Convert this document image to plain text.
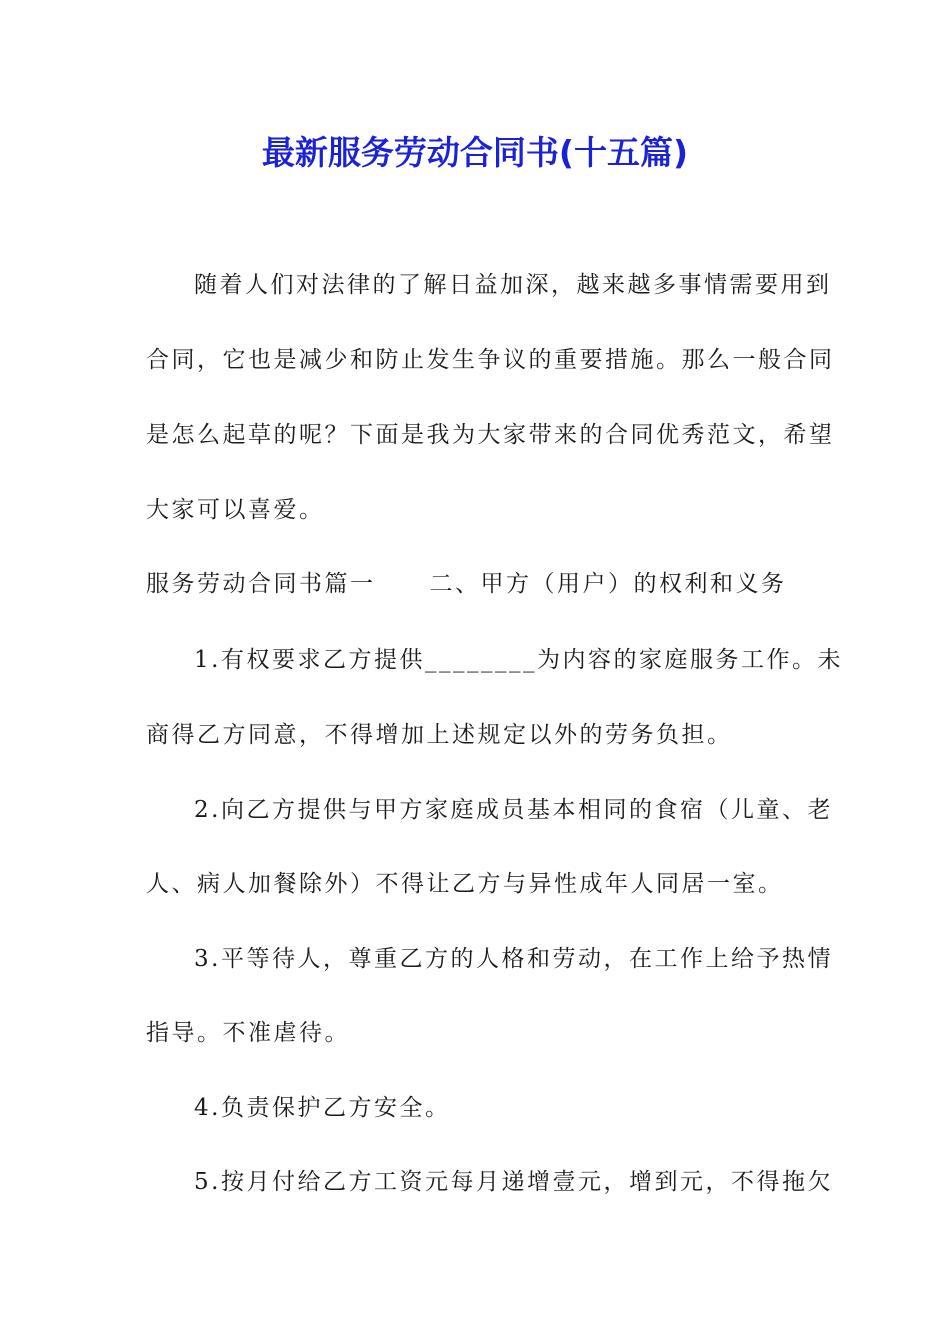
最新服务劳动合同书(十五篇)
随着人们对法律的了解日益加深，越来越多事情需要用到
合同，它也是减少和防止发生争议的重要措施。那么一般合同
是怎么起草的呢？下面是我为大家带来的合同优秀范文，希望
大家可以喜爱。
服务劳动合同书篇一 二、甲方（用户）的权利和义务
1.有权要求乙方提供________为内容的家庭服务工作。未
商得乙方同意，不得增加上述规定以外的劳务负担。
2.向乙方提供与甲方家庭成员基本相同的食宿（儿童、老
人、病人加餐除外）不得让乙方与异性成年人同居一室。
3.平等待人，尊重乙方的人格和劳动，在工作上给予热情
指导。不准虐待。
4.负责保护乙方安全。
5.按月付给乙方工资元每月递增壹元，增到元，不得拖欠
